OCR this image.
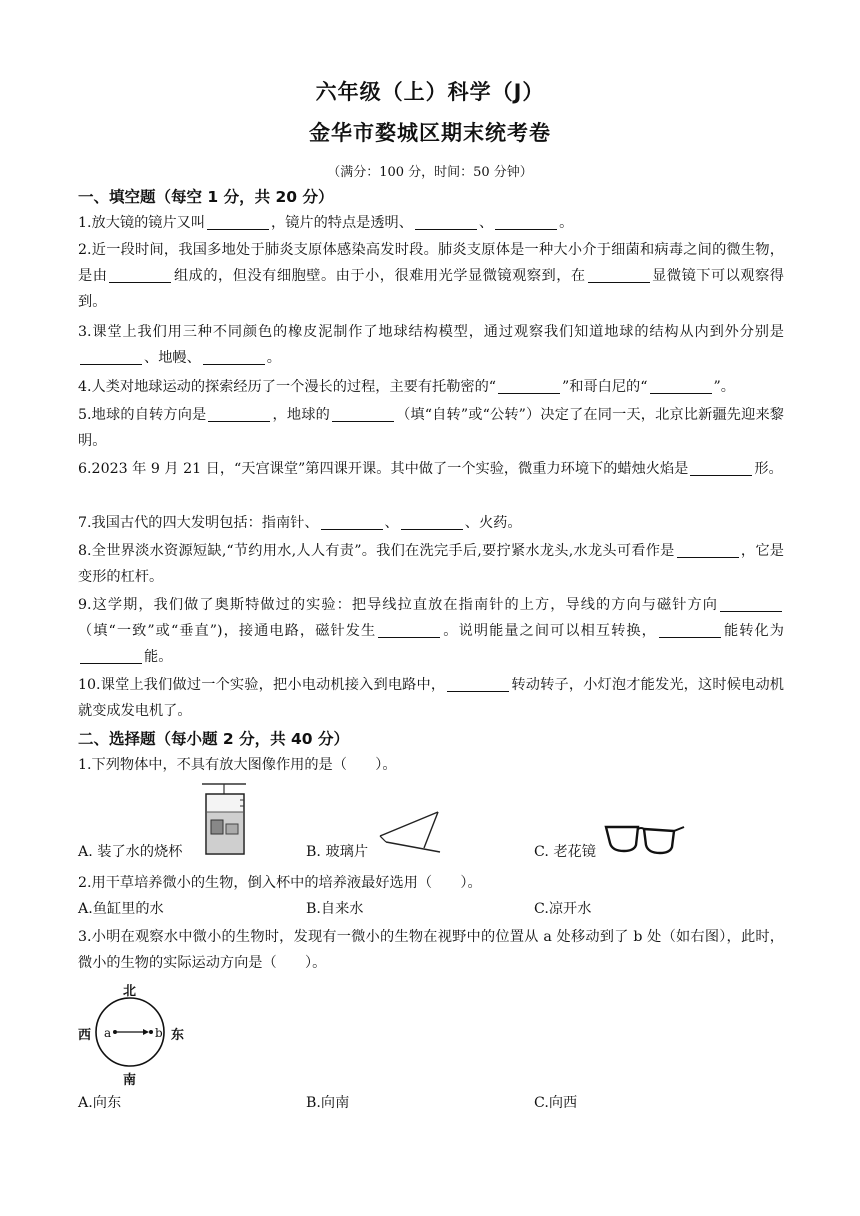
六年级（上）科学（J）
金华市婺城区期末统考卷
（满分：100 分，时间：50 分钟）
一、填空题（每空 1 分，共 20 分）
1.放大镜的镜片又叫	，镜片的特点是透明、	、	。
2.近一段时间，我国多地处于肺炎支原体感染高发时段。肺炎支原体是一种大小介于细菌和病毒之间的微生物，是由	组成的，但没有细胞壁。由于小，很难用光学显微镜观察到，在	显微镜下可以观察得到。
3.课堂上我们用三种不同颜色的橡皮泥制作了地球结构模型，通过观察我们知道地球的结构从内到外分别是、地幔、	。
4.人类对地球运动的探索经历了一个漫长的过程，主要有托勒密的“	”和哥白尼的“	”。
5.地球的自转方向是	，地球的	（填“自转”或“公转”）决定了在同一天，北京比新疆先迎来黎明。
6.2023 年 9 月 21 日，“天宫课堂”第四课开课。其中做了一个实验，微重力环境下的蜡烛火焰是	形。
7.我国古代的四大发明包括：指南针、	、	、火药。
8.全世界淡水资源短缺,“节约用水,人人有责”。我们在洗完手后,要拧紧水龙头,水龙头可看作是	，它是变形的杠杆。
9.这学期，我们做了奥斯特做过的实验：把导线拉直放在指南针的上方，导线的方向与磁针方向（填“一致”或“垂直”)，接通电路，磁针发生	。说明能量之间可以相互转换，	能转化为能。
10.课堂上我们做过一个实验，把小电动机接入到电路中，	转动转子，小灯泡才能发光，这时候电动机就变成发电机了。
二、选择题（每小题 2 分，共 40 分）
1.下列物体中，不具有放大图像作用的是（　　）。
A. 装了水的烧杯	B. 玻璃片	C. 老花镜
2.用干草培养微小的生物，倒入杯中的培养液最好选用（　　）。
A.鱼缸里的水	B.自来水	C.凉开水
3.小明在观察水中微小的生物时，发现有一微小的生物在视野中的位置从 a 处移动到了 b 处（如右图），此时，微小的生物的实际运动方向是（　　）。
北
西	东
南
a	b
A.向东	B.向南	C.向西
